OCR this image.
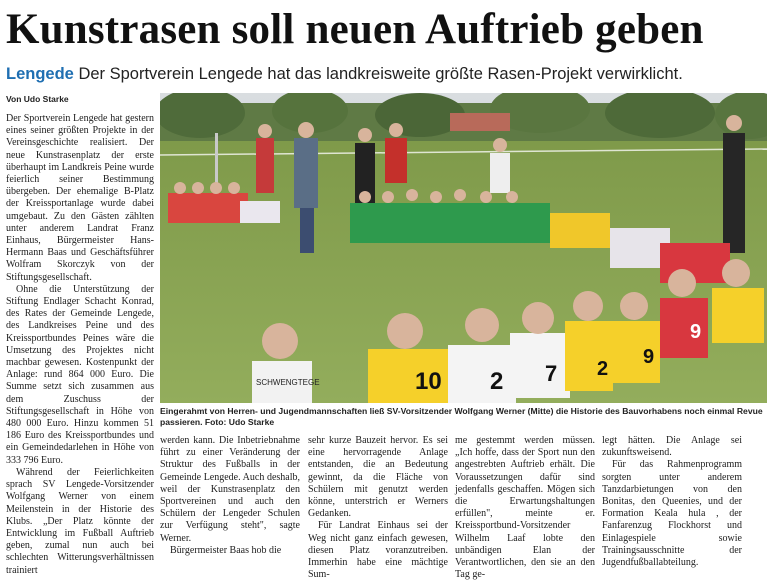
Kunstrasen soll neuen Auftrieb geben
Lengede Der Sportverein Lengede hat das landkreisweite größte Rasen-Projekt verwirklicht.
Von Udo Starke

Der Sportverein Lengede hat gestern eines seiner größten Projekte in der Vereinsgeschichte realisiert. Der neue Kunstrasenplatz der erste überhaupt im Landkreis Peine wurde feierlich seiner Bestimmung übergeben. Der ehemalige B-Platz der Kreissportanlage wurde dabei umgebaut. Zu den Gästen zählten unter anderem Landrat Franz Einhaus, Bürgermeister Hans-Hermann Baas und Geschäftsführer Wolfram Skorczyk von der Stiftungsgesellschaft.

Ohne die Unterstützung der Stiftung Endlager Schacht Konrad, des Rates der Gemeinde Lengede, des Landkreises Peine und des Kreissportbundes Peines wäre die Umsetzung des Projektes nicht machbar gewesen. Kostenpunkt der Anlage: rund 864 000 Euro. Die Summe setzt sich zusammen aus dem Zuschuss der Stiftungsgesellschaft in Höhe von 480 000 Euro. Hinzu kommen 51 186 Euro des Kreissportbundes und ein Gemeindedarlehen in Höhe von 333 796 Euro.

Während der Feierlichkeiten sprach SV Lengede-Vorsitzender Wolfgang Werner von einem Meilenstein in der Historie des Klubs. „Der Platz könnte der Entwicklung im Fußball Auftrieb geben, zumal nun auch bei schlechten Witterungsverhältnissen trainiert

SCHWENGTEGE	10 2 7 2
9
9
Eingerahmt von Herren- und Jugendmannschaften ließ SV-Vorsitzender Wolfgang Werner (Mitte) die Historie des Bauvorhabens noch einmal Revue passieren. Foto: Udo Starke

werden kann. Die Inbetriebnahme führt zu einer Veränderung der Struktur des Fußballs in der Gemeinde Lengede. Auch deshalb, weil der Kunstrasenplatz den Sportvereinen und auch den Schülern der Lengeder Schulen zur Verfügung steht", sagte Werner.

Bürgermeister Baas hob die

sehr kurze Bauzeit hervor. Es sei eine hervorragende Anlage entstanden, die an Bedeutung gewinnt, da die Fläche von Schülern mit genutzt werden könne, unterstrich er Werners Gedanken.

Für Landrat Einhaus sei der Weg nicht ganz einfach gewesen, diesen Platz voranzutreiben. Immerhin habe eine mächtige Sum-

me gestemmt werden müssen. „Ich hoffe, dass der Sport nun den angestrebten Auftrieb erhält. Die Voraussetzungen dafür sind jedenfalls geschaffen. Mögen sich die Erwartungshaltungen erfüllen", meinte er. Kreissportbund-Vorsitzender Wilhelm Laaf lobte den unbändigen Elan der Verantwortlichen, den sie an den Tag ge-

legt hätten. Die Anlage sei zukunftsweisend.

Für das Rahmenprogramm sorgten unter anderem Tanzdarbietungen von den Bonitas, den Queenies, und der Formation Keala hula , der Fanfarenzug Flockhorst und Einlagespiele sowie Trainingsausschnitte der Jugendfußballabteilung.
